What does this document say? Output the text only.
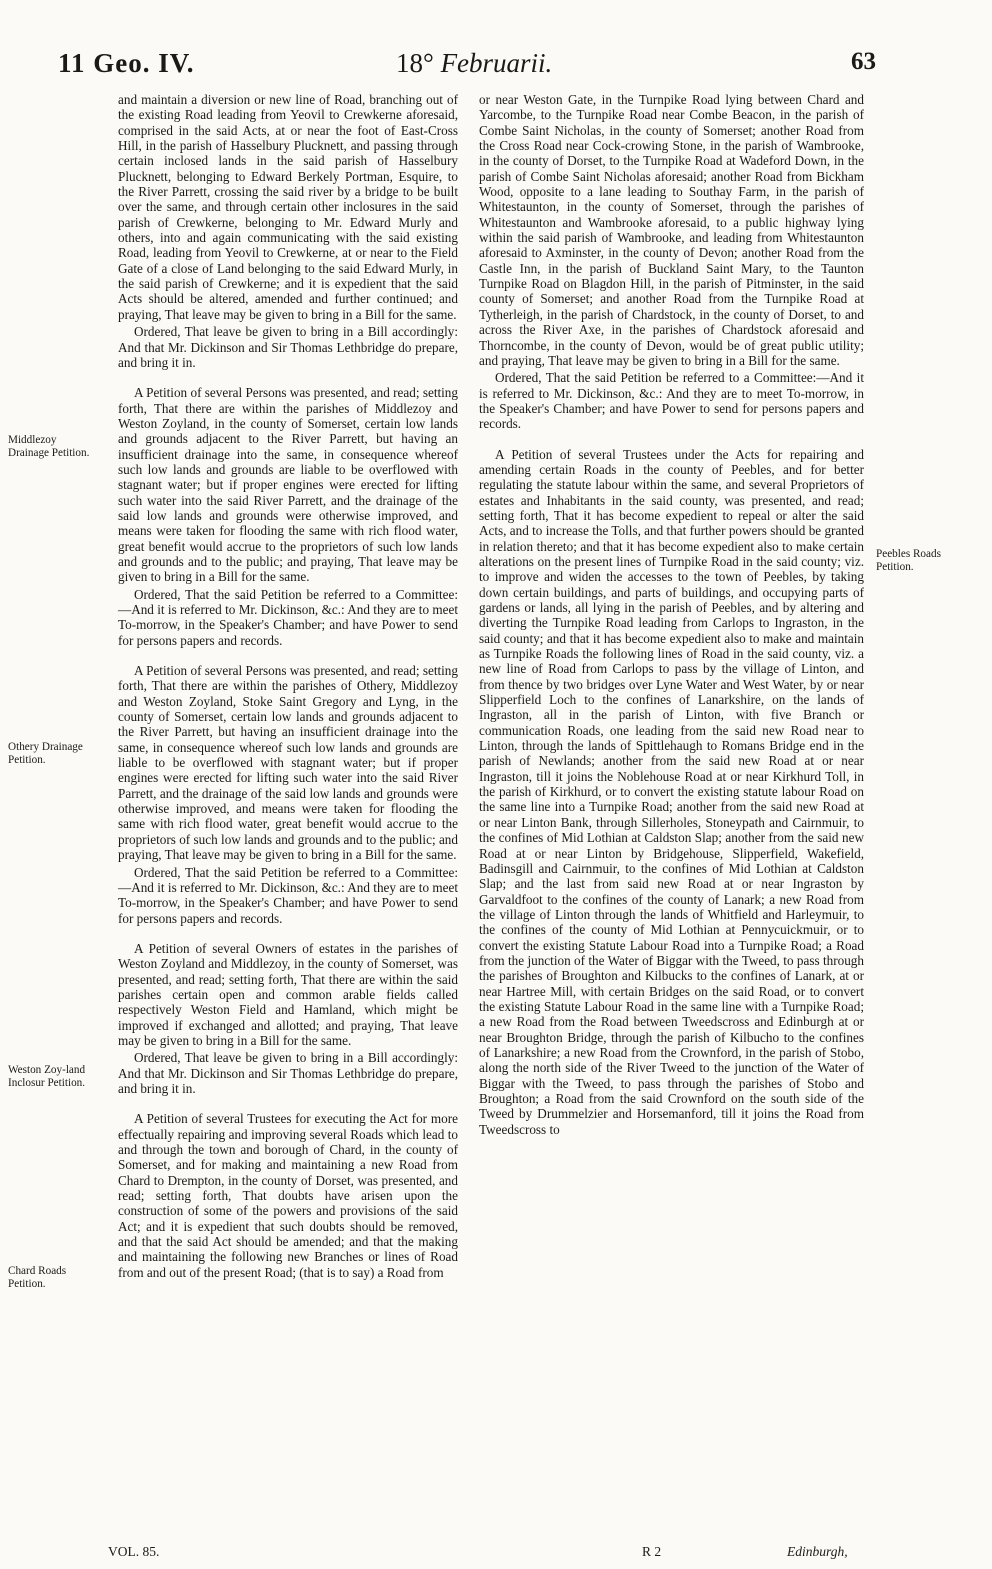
11 Geo. IV.	18° Februarii.	63
Middlezoy Drainage Petition.
Othery Drainage Petition.
Weston Zoy-land Inclosur Petition.
Chard Roads Petition.
Peebles Roads Petition.

and maintain a diversion or new line of Road, branching out of the existing Road leading from Yeovil to Crewkerne aforesaid, comprised in the said Acts, at or near the foot of East-Cross Hill, in the parish of Hasselbury Plucknett, and passing through certain inclosed lands in the said parish of Hasselbury Plucknett, belonging to Edward Berkely Portman, Esquire, to the River Parrett, crossing the said river by a bridge to be built over the same, and through certain other inclosures in the said parish of Crewkerne, belonging to Mr. Edward Murly and others, into and again communicating with the said existing Road, leading from Yeovil to Crewkerne, at or near to the Field Gate of a close of Land belonging to the said Edward Murly, in the said parish of Crewkerne; and it is expedient that the said Acts should be altered, amended and further continued; and praying, That leave may be given to bring in a Bill for the same.

Ordered, That leave be given to bring in a Bill accordingly: And that Mr. Dickinson and Sir Thomas Lethbridge do prepare, and bring it in.

A Petition of several Persons was presented, and read; setting forth, That there are within the parishes of Middlezoy and Weston Zoyland, in the county of Somerset, certain low lands and grounds adjacent to the River Parrett, but having an insufficient drainage into the same, in consequence whereof such low lands and grounds are liable to be overflowed with stagnant water; but if proper engines were erected for lifting such water into the said River Parrett, and the drainage of the said low lands and grounds were otherwise improved, and means were taken for flooding the same with rich flood water, great benefit would accrue to the proprietors of such low lands and grounds and to the public; and praying, That leave may be given to bring in a Bill for the same.

Ordered, That the said Petition be referred to a Committee:—And it is referred to Mr. Dickinson, &c.: And they are to meet To-morrow, in the Speaker's Chamber; and have Power to send for persons papers and records.

A Petition of several Persons was presented, and read; setting forth, That there are within the parishes of Othery, Middlezoy and Weston Zoyland, Stoke Saint Gregory and Lyng, in the county of Somerset, certain low lands and grounds adjacent to the River Parrett, but having an insufficient drainage into the same, in consequence whereof such low lands and grounds are liable to be overflowed with stagnant water; but if proper engines were erected for lifting such water into the said River Parrett, and the drainage of the said low lands and grounds were otherwise improved, and means were taken for flooding the same with rich flood water, great benefit would accrue to the proprietors of such low lands and grounds and to the public; and praying, That leave may be given to bring in a Bill for the same.

Ordered, That the said Petition be referred to a Committee:—And it is referred to Mr. Dickinson, &c.: And they are to meet To-morrow, in the Speaker's Chamber; and have Power to send for persons papers and records.

A Petition of several Owners of estates in the parishes of Weston Zoyland and Middlezoy, in the county of Somerset, was presented, and read; setting forth, That there are within the said parishes certain open and common arable fields called respectively Weston Field and Hamland, which might be improved if exchanged and allotted; and praying, That leave may be given to bring in a Bill for the same.

Ordered, That leave be given to bring in a Bill accordingly: And that Mr. Dickinson and Sir Thomas Lethbridge do prepare, and bring it in.

A Petition of several Trustees for executing the Act for more effectually repairing and improving several Roads which lead to and through the town and borough of Chard, in the county of Somerset, and for making and maintaining a new Road from Chard to Drempton, in the county of Dorset, was presented, and read; setting forth, That doubts have arisen upon the construction of some of the powers and provisions of the said Act; and it is expedient that such doubts should be removed, and that the said Act should be amended; and that the making and maintaining the following new Branches or lines of Road from and out of the present Road; (that is to say) a Road from

or near Weston Gate, in the Turnpike Road lying between Chard and Yarcombe, to the Turnpike Road near Combe Beacon, in the parish of Combe Saint Nicholas, in the county of Somerset; another Road from the Cross Road near Cock-crowing Stone, in the parish of Wambrooke, in the county of Dorset, to the Turnpike Road at Wadeford Down, in the parish of Combe Saint Nicholas aforesaid; another Road from Bickham Wood, opposite to a lane leading to Southay Farm, in the parish of Whitestaunton, in the county of Somerset, through the parishes of Whitestaunton and Wambrooke aforesaid, to a public highway lying within the said parish of Wambrooke, and leading from Whitestaunton aforesaid to Axminster, in the county of Devon; another Road from the Castle Inn, in the parish of Buckland Saint Mary, to the Taunton Turnpike Road on Blagdon Hill, in the parish of Pitminster, in the said county of Somerset; and another Road from the Turnpike Road at Tytherleigh, in the parish of Chardstock, in the county of Dorset, to and across the River Axe, in the parishes of Chardstock aforesaid and Thorncombe, in the county of Devon, would be of great public utility; and praying, That leave may be given to bring in a Bill for the same.

Ordered, That the said Petition be referred to a Committee:—And it is referred to Mr. Dickinson, &c.: And they are to meet To-morrow, in the Speaker's Chamber; and have Power to send for persons papers and records.

A Petition of several Trustees under the Acts for repairing and amending certain Roads in the county of Peebles, and for better regulating the statute labour within the same, and several Proprietors of estates and Inhabitants in the said county, was presented, and read; setting forth, That it has become expedient to repeal or alter the said Acts, and to increase the Tolls, and that further powers should be granted in relation thereto; and that it has become expedient also to make certain alterations on the present lines of Turnpike Road in the said county; viz. to improve and widen the accesses to the town of Peebles, by taking down certain buildings, and parts of buildings, and occupying parts of gardens or lands, all lying in the parish of Peebles, and by altering and diverting the Turnpike Road leading from Carlops to Ingraston, in the said county; and that it has become expedient also to make and maintain as Turnpike Roads the following lines of Road in the said county, viz. a new line of Road from Carlops to pass by the village of Linton, and from thence by two bridges over Lyne Water and West Water, by or near Slipperfield Loch to the confines of Lanarkshire, on the lands of Ingraston, all in the parish of Linton, with five Branch or communication Roads, one leading from the said new Road near to Linton, through the lands of Spittlehaugh to Romans Bridge end in the parish of Newlands; another from the said new Road at or near Ingraston, till it joins the Noblehouse Road at or near Kirkhurd Toll, in the parish of Kirkhurd, or to convert the existing statute labour Road on the same line into a Turnpike Road; another from the said new Road at or near Linton Bank, through Sillerholes, Stoneypath and Cairnmuir, to the confines of Mid Lothian at Caldston Slap; another from the said new Road at or near Linton by Bridgehouse, Slipperfield, Wakefield, Badinsgill and Cairnmuir, to the confines of Mid Lothian at Caldston Slap; and the last from said new Road at or near Ingraston by Garvaldfoot to the confines of the county of Lanark; a new Road from the village of Linton through the lands of Whitfield and Harleymuir, to the confines of the county of Mid Lothian at Pennycuickmuir, or to convert the existing Statute Labour Road into a Turnpike Road; a Road from the junction of the Water of Biggar with the Tweed, to pass through the parishes of Broughton and Kilbucks to the confines of Lanark, at or near Hartree Mill, with certain Bridges on the said Road, or to convert the existing Statute Labour Road in the same line with a Turnpike Road; a new Road from the Road between Tweedscross and Edinburgh at or near Broughton Bridge, through the parish of Kilbucho to the confines of Lanarkshire; a new Road from the Crownford, in the parish of Stobo, along the north side of the River Tweed to the junction of the Water of Biggar with the Tweed, to pass through the parishes of Stobo and Broughton; a Road from the said Crownford on the south side of the Tweed by Drummelzier and Horsemanford, till it joins the Road from Tweedscross to

VOL. 85.	R 2	Edinburgh,
